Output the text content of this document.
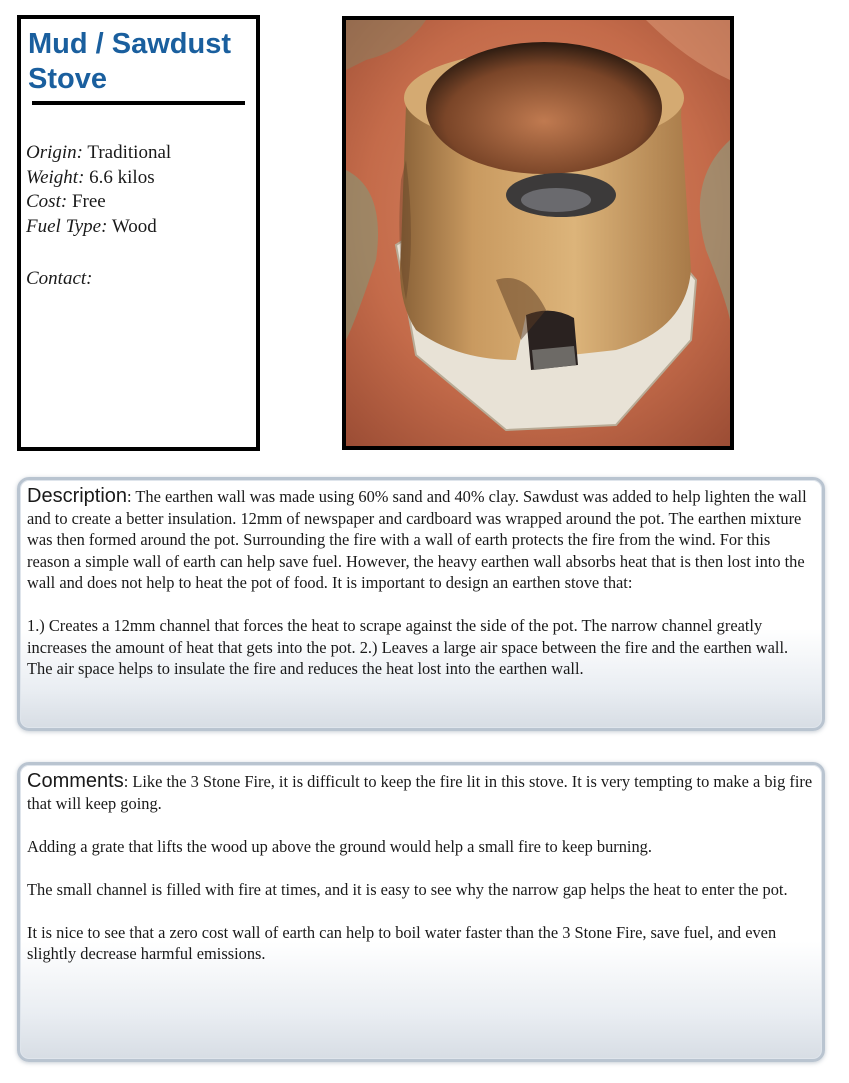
Mud / Sawdust Stove
Origin: Traditional
Weight: 6.6 kilos
Cost: Free
Fuel Type: Wood
Contact:

Description: The earthen wall was made using 60% sand and 40% clay. Sawdust was added to help lighten the wall and to create a better insulation. 12mm of newspaper and cardboard was wrapped around the pot. The earthen mixture was then formed around the pot. Surrounding the fire with a wall of earth protects the fire from the wind. For this reason a simple wall of earth can help save fuel. However, the heavy earthen wall absorbs heat that is then lost into the wall and does not help to heat the pot of food. It is important to design an earthen stove that:

1.) Creates a 12mm channel that forces the heat to scrape against the side of the pot. The narrow channel greatly increases the amount of heat that gets into the pot. 2.) Leaves a large air space between the fire and the earthen wall. The air space helps to insulate the fire and reduces the heat lost into the earthen wall.

Comments: Like the 3 Stone Fire, it is difficult to keep the fire lit in this stove. It is very tempting to make a big fire that will keep going.

Adding a grate that lifts the wood up above the ground would help a small fire to keep burning.

The small channel is filled with fire at times, and it is easy to see why the narrow gap helps the heat to enter the pot.

It is nice to see that a zero cost wall of earth can help to boil water faster than the 3 Stone Fire, save fuel, and even slightly decrease harmful emissions.
